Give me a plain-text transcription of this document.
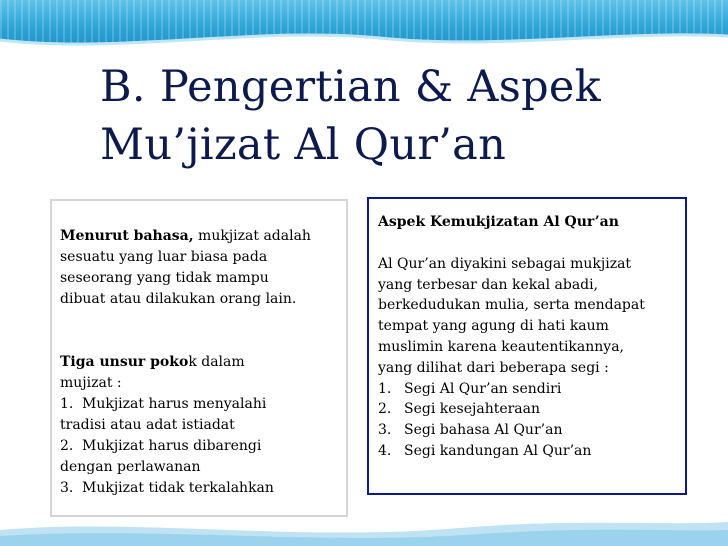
B. Pengertian & Aspek
Mu’jizat Al Qur’an
Menurut bahasa, mukjizat adalah
sesuatu yang luar biasa pada
seseorang yang tidak mampu
dibuat atau dilakukan orang lain.
Tiga unsur pokok dalam
mujizat :
1. Mukjizat harus menyalahi
tradisi atau adat istiadat
2. Mukjizat harus dibarengi
dengan perlawanan
3. Mukjizat tidak terkalahkan
Aspek Kemukjizatan Al Qur’an
Al Qur’an diyakini sebagai mukjizat
yang terbesar dan kekal abadi,
berkedudukan mulia, serta mendapat
tempat yang agung di hati kaum
muslimin karena keautentikannya,
yang dilihat dari beberapa segi :
1. Segi Al Qur’an sendiri
2. Segi kesejahteraan
3. Segi bahasa Al Qur’an
4. Segi kandungan Al Qur’an
